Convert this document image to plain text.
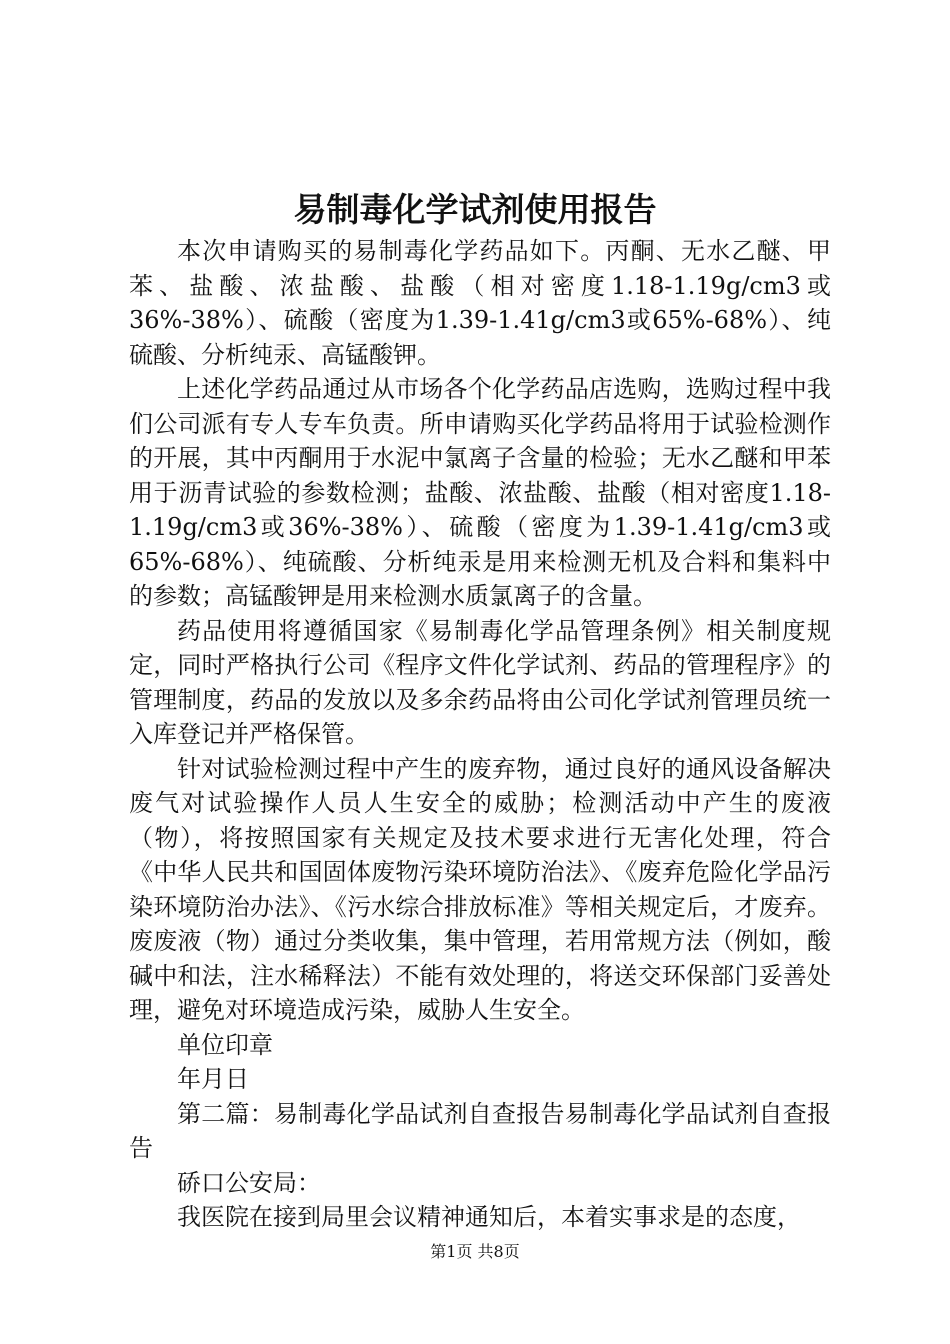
易制毒化学试剂使用报告

本次申请购买的易制毒化学药品如下。丙酮、无水乙醚、甲苯、盐酸、浓盐酸、盐酸（相对密度1.18-1.19g/cm3或36%-38%）、硫酸（密度为1.39-1.41g/cm3或65%-68%）、纯硫酸、分析纯汞、高锰酸钾。

上述化学药品通过从市场各个化学药品店选购，选购过程中我们公司派有专人专车负责。所申请购买化学药品将用于试验检测作的开展，其中丙酮用于水泥中氯离子含量的检验；无水乙醚和甲苯用于沥青试验的参数检测；盐酸、浓盐酸、盐酸（相对密度1.18-1.19g/cm3或36%-38%）、硫酸（密度为1.39-1.41g/cm3或65%-68%）、纯硫酸、分析纯汞是用来检测无机及合料和集料中的参数；高锰酸钾是用来检测水质氯离子的含量。

药品使用将遵循国家《易制毒化学品管理条例》相关制度规定，同时严格执行公司《程序文件化学试剂、药品的管理程序》的管理制度，药品的发放以及多余药品将由公司化学试剂管理员统一入库登记并严格保管。

针对试验检测过程中产生的废弃物，通过良好的通风设备解决废气对试验操作人员人生安全的威胁；检测活动中产生的废液（物），将按照国家有关规定及技术要求进行无害化处理，符合《中华人民共和国固体废物污染环境防治法》、《废弃危险化学品污染环境防治办法》、《污水综合排放标准》等相关规定后，才废弃。废废液（物）通过分类收集，集中管理，若用常规方法（例如，酸碱中和法，注水稀释法）不能有效处理的，将送交环保部门妥善处理，避免对环境造成污染，威胁人生安全。

单位印章

年月日

第二篇：易制毒化学品试剂自查报告易制毒化学品试剂自查报告

硚口公安局：

我医院在接到局里会议精神通知后，本着实事求是的态度，

第1页 共8页
